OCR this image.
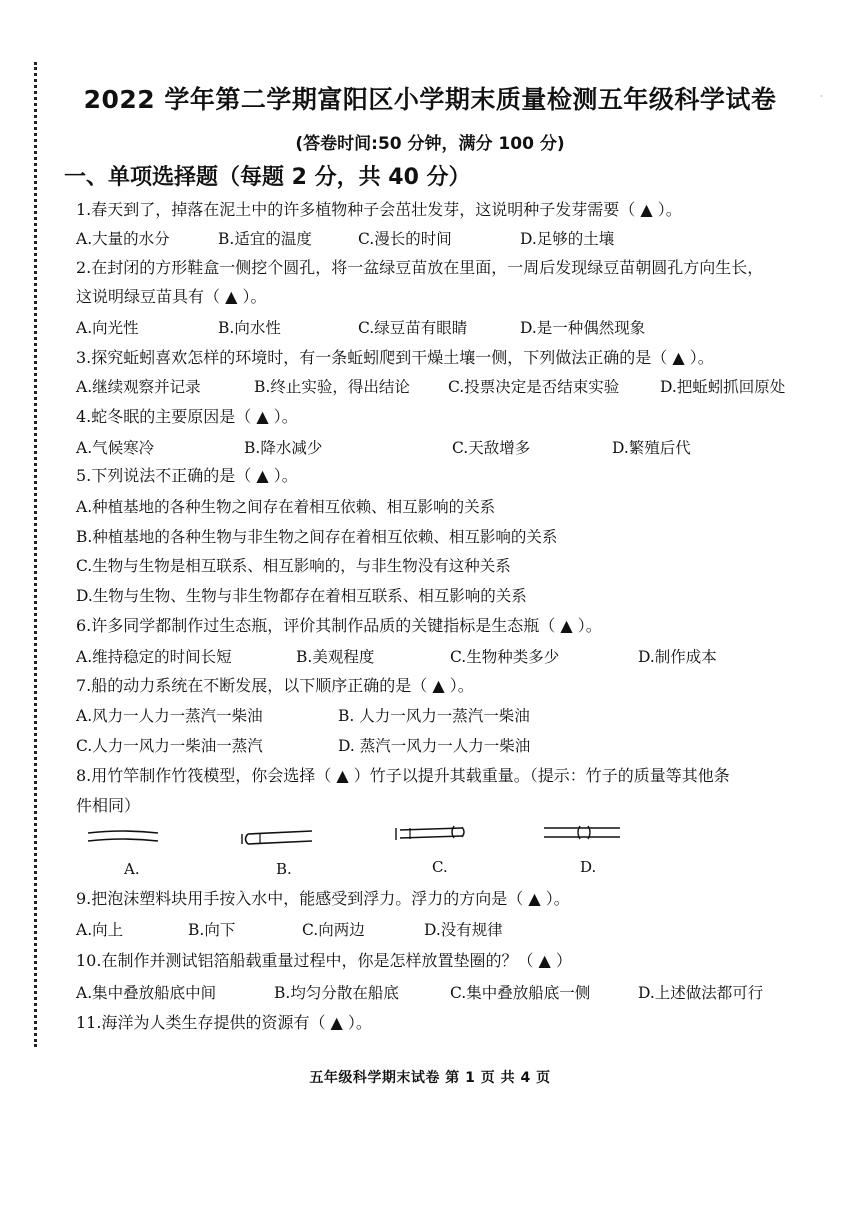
·
2022 学年第二学期富阳区小学期末质量检测五年级科学试卷
(答卷时间:50 分钟，满分 100 分)
一、单项选择题（每题 2 分，共 40 分）
1.春天到了，掉落在泥土中的许多植物种子会茁壮发芽，这说明种子发芽需要（ ▲ ）。
A.大量的水分	B.适宜的温度	C.漫长的时间	D.足够的土壤
2.在封闭的方形鞋盒一侧挖个圆孔，将一盆绿豆苗放在里面，一周后发现绿豆苗朝圆孔方向生长，
这说明绿豆苗具有（ ▲ ）。
A.向光性	B.向水性	C.绿豆苗有眼睛	D.是一种偶然现象
3.探究蚯蚓喜欢怎样的环境时，有一条蚯蚓爬到干燥土壤一侧，下列做法正确的是（ ▲ ）。
A.继续观察并记录	B.终止实验，得出结论 C.投票决定是否结束实验	D.把蚯蚓抓回原处
4.蛇冬眠的主要原因是（ ▲ ）。
A.气候寒冷	B.降水减少	C.天敌增多	D.繁殖后代
5.下列说法不正确的是（ ▲ ）。
A.种植基地的各种生物之间存在着相互依赖、相互影响的关系
B.种植基地的各种生物与非生物之间存在着相互依赖、相互影响的关系
C.生物与生物是相互联系、相互影响的，与非生物没有这种关系
D.生物与生物、生物与非生物都存在着相互联系、相互影响的关系
6.许多同学都制作过生态瓶，评价其制作品质的关键指标是生态瓶（ ▲ ）。
A.维持稳定的时间长短	B.美观程度	C.生物种类多少	D.制作成本
7.船的动力系统在不断发展，以下顺序正确的是（ ▲ ）。
A.风力一人力一蒸汽一柴油	B. 人力一风力一蒸汽一柴油
C.人力一风力一柴油一蒸汽	D. 蒸汽一风力一人力一柴油
8.用竹竿制作竹筏模型，你会选择（ ▲ ）竹子以提升其载重量。（提示：竹子的质量等其他条
件相同）
A.	B.	C.	D.
9.把泡沫塑料块用手按入水中，能感受到浮力。浮力的方向是（ ▲ ）。
A.向上	B.向下	C.向两边	D.没有规律
10.在制作并测试铝箔船载重量过程中，你是怎样放置垫圈的？（ ▲ ）
A.集中叠放船底中间	B.均匀分散在船底	C.集中叠放船底一侧	D.上述做法都可行
11.海洋为人类生存提供的资源有（ ▲ ）。
五年级科学期末试卷 第 1 页 共 4 页
